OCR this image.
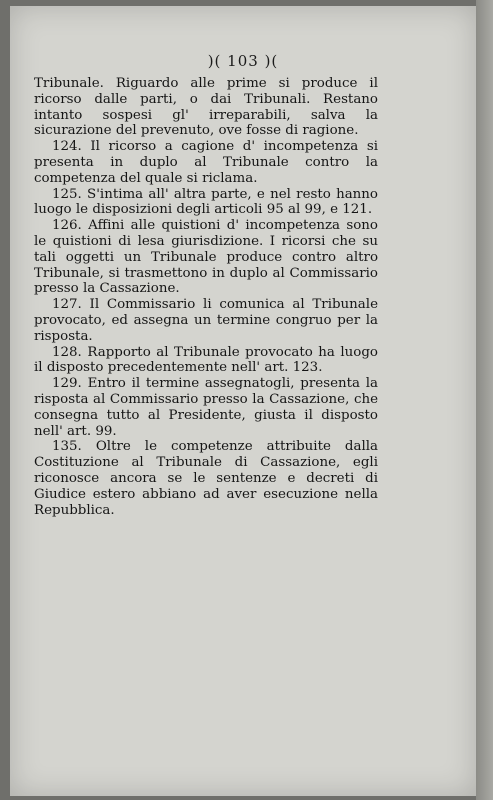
)( 103 )(

Tribunale. Riguardo alle prime si produce il ricorso dalle parti, o dai Tribunali. Restano intanto sospesi gl' irreparabili, salva la sicurazione del prevenuto, ove fosse di ragione.

124. Il ricorso a cagione d' incompetenza si presenta in duplo al Tribunale contro la competenza del quale si riclama.

125. S'intima all' altra parte, e nel resto hanno luogo le disposizioni degli articoli 95 al 99, e 121.

126. Affini alle quistioni d' incompetenza sono le quistioni di lesa giurisdizione. I ricorsi che su tali oggetti un Tribunale produce contro altro Tribunale, si trasmettono in duplo al Commissario presso la Cassazione.

127. Il Commissario li comunica al Tribunale provocato, ed assegna un termine congruo per la risposta.

128. Rapporto al Tribunale provocato ha luogo il disposto precedentemente nell' art. 123.

129. Entro il termine assegnatogli, presenta la risposta al Commissario presso la Cassazione, che consegna tutto al Presidente, giusta il disposto nell' art. 99.

135. Oltre le competenze attribuite dalla Costituzione al Tribunale di Cassazione, egli riconosce ancora se le sentenze e decreti di Giudice estero abbiano ad aver esecuzione nella Repubblica.
